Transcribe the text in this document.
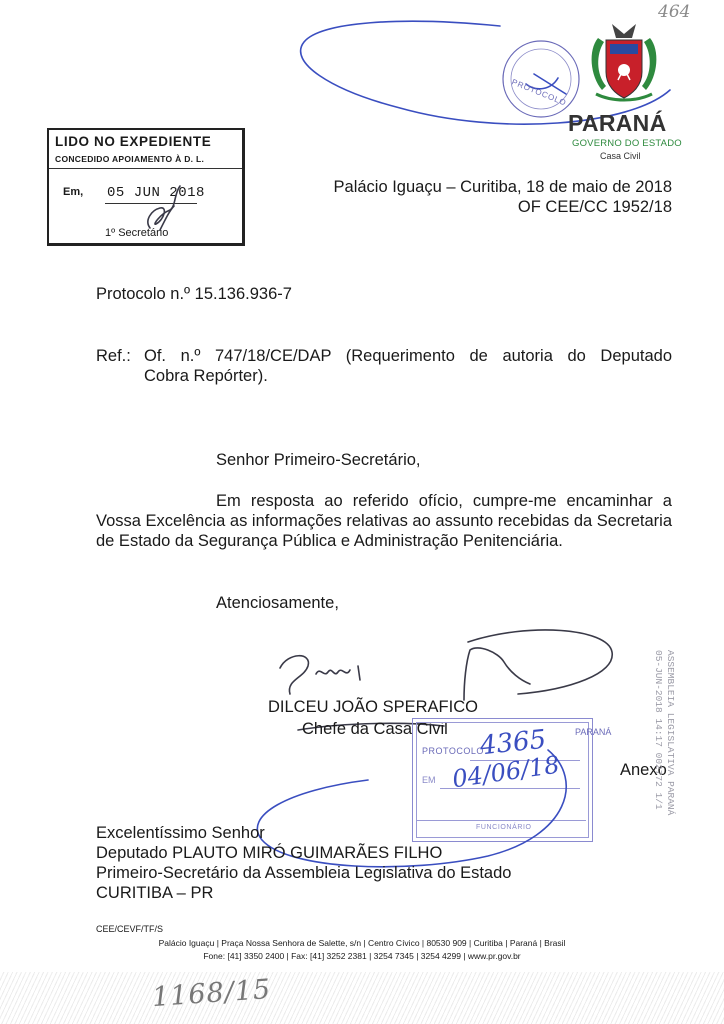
464
LIDO NO EXPEDIENTE
CONCEDIDO APOIAMENTO À D. L.
Em, 05 JUN 2018
1º Secretário
PROTOCOLO
PARANÁ
GOVERNO DO ESTADO
Casa Civil
Palácio Iguaçu – Curitiba, 18 de maio de 2018
OF CEE/CC 1952/18
Protocolo n.º 15.136.936-7
Ref.: Of. n.º 747/18/CE/DAP (Requerimento de autoria do Deputado
Cobra Repórter).
Senhor Primeiro-Secretário,
Em resposta ao referido ofício, cumpre-me encaminhar a Vossa Excelência as informações relativas ao assunto recebidas da Secretaria de Estado da Segurança Pública e Administração Penitenciária.
Atenciosamente,
DILCEU JOÃO SPERAFICO
Chefe da Casa Civil	PARANÁ
PROTOCOLO
EM
FUNCIONÁRIO
4365
04/06/18	Anexo
ASSEMBLEIA LEGISLATIVA PARANÁ
05-JUN-2018 14:17 002772 1/1
Excelentíssimo Senhor
Deputado PLAUTO MIRÓ GUIMARÃES FILHO
Primeiro-Secretário da Assembleia Legislativa do Estado
CURITIBA – PR
CEE/CEVF/TF/S
Palácio Iguaçu | Praça Nossa Senhora de Salette, s/n | Centro Cívico | 80530 909 | Curitiba | Paraná | Brasil
Fone: [41] 3350 2400 | Fax: [41] 3252 2381 | 3254 7345 | 3254 4299 | www.pr.gov.br
1168/15
